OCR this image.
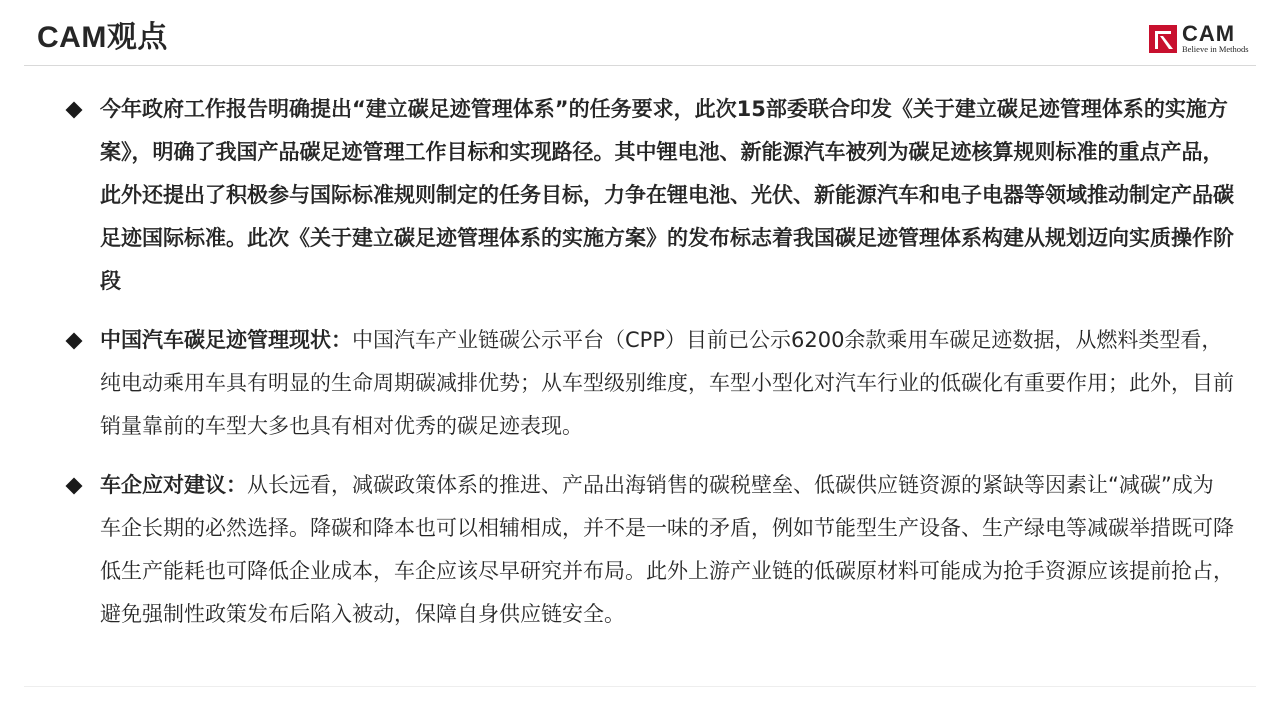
CAM观点	CAM
Believe in Methods
今年政府工作报告明确提出“建立碳足迹管理体系”的任务要求，此次15部委联合印发《关于建立碳足迹管理体系的实施方案》，明确了我国产品碳足迹管理工作目标和实现路径。其中锂电池、新能源汽车被列为碳足迹核算规则标准的重点产品，此外还提出了积极参与国际标准规则制定的任务目标，力争在锂电池、光伏、新能源汽车和电子电器等领域推动制定产品碳足迹国际标准。此次《关于建立碳足迹管理体系的实施方案》的发布标志着我国碳足迹管理体系构建从规划迈向实质操作阶段
中国汽车碳足迹管理现状：中国汽车产业链碳公示平台（CPP）目前已公示6200余款乘用车碳足迹数据，从燃料类型看，纯电动乘用车具有明显的生命周期碳减排优势；从车型级别维度，车型小型化对汽车行业的低碳化有重要作用；此外，目前销量靠前的车型大多也具有相对优秀的碳足迹表现。
车企应对建议：从长远看，减碳政策体系的推进、产品出海销售的碳税壁垒、低碳供应链资源的紧缺等因素让“减碳”成为车企长期的必然选择。降碳和降本也可以相辅相成，并不是一味的矛盾，例如节能型生产设备、生产绿电等减碳举措既可降低生产能耗也可降低企业成本，车企应该尽早研究并布局。此外上游产业链的低碳原材料可能成为抢手资源应该提前抢占，避免强制性政策发布后陷入被动，保障自身供应链安全。
